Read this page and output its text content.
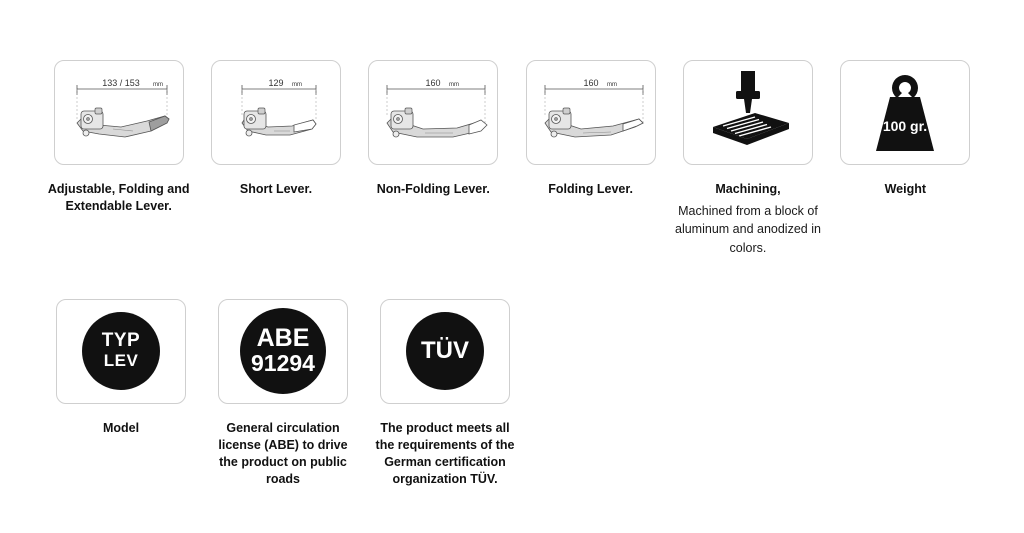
133 / 153 mm
Adjustable, Folding and Extendable Lever.
129 mm
Short Lever.
160 mm
Non-Folding Lever.
160 mm
Folding Lever.	Machining,
Machined from a block of aluminum and anodized in colors.
100 gr.
Weight
TYP
LEV
Model
ABE
91294
General circulation license (ABE) to drive the product on public roads
TÜV
The product meets all the requirements of the German certification organization TÜV.
